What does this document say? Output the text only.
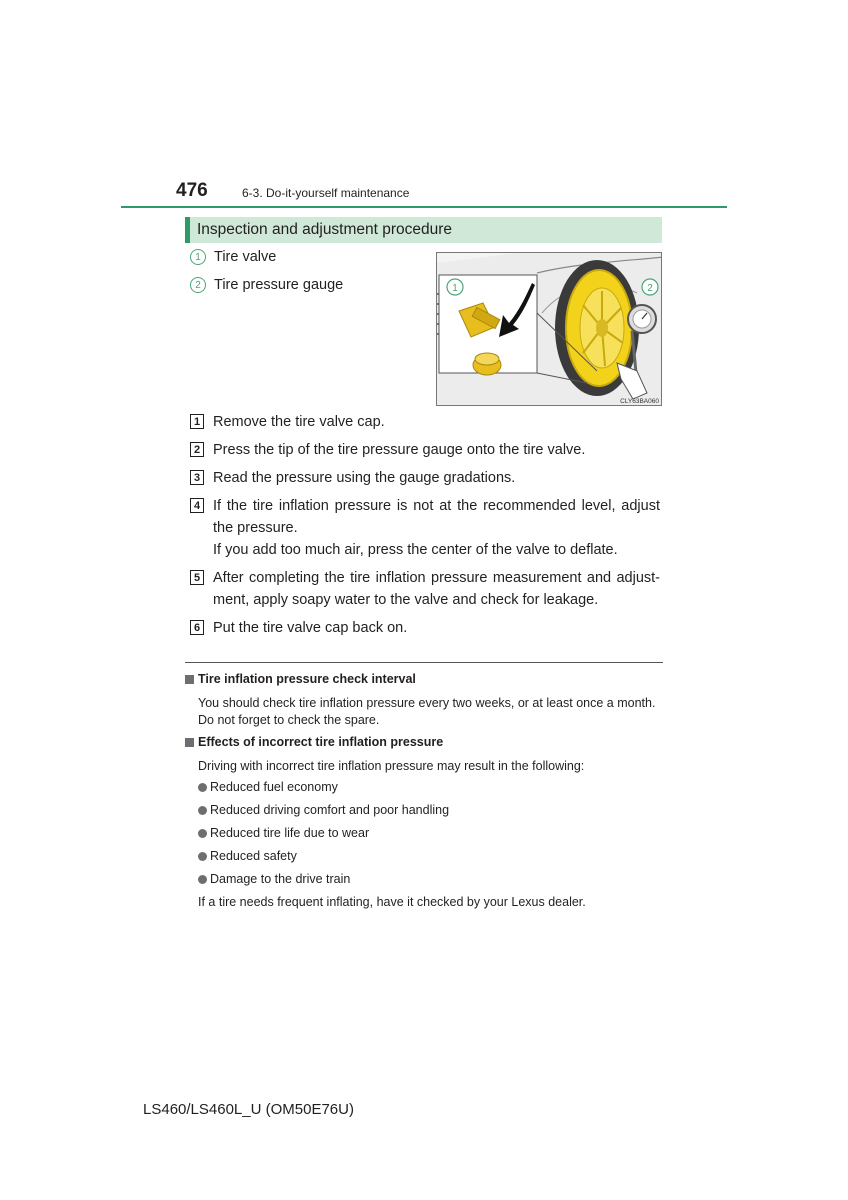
476	6-3. Do-it-yourself maintenance
Inspection and adjustment procedure
1 Tire valve
2 Tire pressure gauge	1	2
CLY63BA060
1 Remove the tire valve cap.
2 Press the tip of the tire pressure gauge onto the tire valve.
3 Read the pressure using the gauge gradations.
4 If the tire inflation pressure is not at the recommended level, adjust the pressure.
If you add too much air, press the center of the valve to deflate.
5 After completing the tire inflation pressure measurement and adjust-ment, apply soapy water to the valve and check for leakage.
6 Put the tire valve cap back on.
Tire inflation pressure check interval
You should check tire inflation pressure every two weeks, or at least once a month. Do not forget to check the spare.
Effects of incorrect tire inflation pressure
Driving with incorrect tire inflation pressure may result in the following:
Reduced fuel economy
Reduced driving comfort and poor handling
Reduced tire life due to wear
Reduced safety
Damage to the drive train
If a tire needs frequent inflating, have it checked by your Lexus dealer.
LS460/LS460L_U (OM50E76U)
